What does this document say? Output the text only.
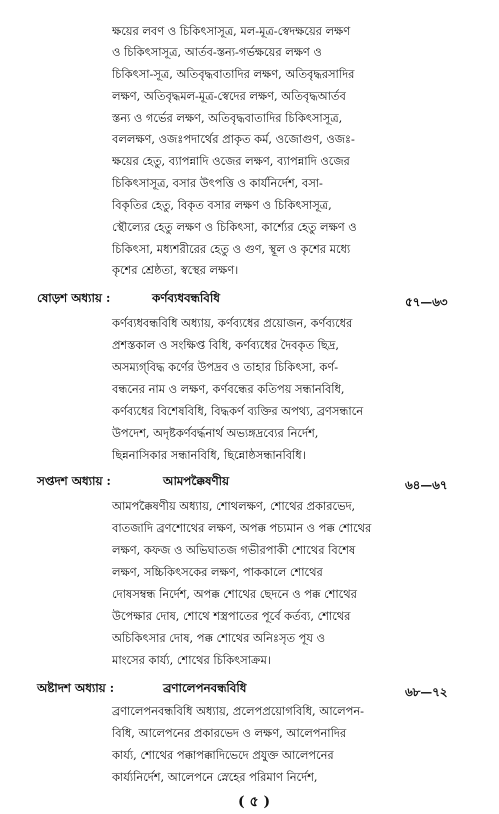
ক্ষয়ের লবণ ও চিকিৎসাসূত্র, মল-মূত্র-স্বেদক্ষয়ের লক্ষণ
ও চিকিৎসাসূত্র, আর্তব-স্তন্য-গর্ভক্ষয়ের লক্ষণ ও
চিকিৎসা-সূত্র, অতিবৃদ্ধবাতাদির লক্ষণ, অতিবৃদ্ধরসাদির
লক্ষণ, অতিবৃদ্ধমল-মূত্র-স্বেদের লক্ষণ, অতিবৃদ্ধআর্তব
স্তন্য ও গর্ভের লক্ষণ, অতিবৃদ্ধবাতাদির চিকিৎসাসূত্র,
বললক্ষণ, ওজঃপদার্থের প্রাকৃত কর্ম, ওজোগুণ, ওজঃ-
ক্ষয়ের হেতু, ব্যাপন্নাদি ওজের লক্ষণ, ব্যাপন্নাদি ওজের
চিকিৎসাসূত্র, বসার উৎপত্তি ও কার্যনির্দেশ, বসা-
বিকৃতির হেতু, বিকৃত বসার লক্ষণ ও চিকিৎসাসূত্র,
স্থৌল্যের হেতু লক্ষণ ও চিকিৎসা, কার্শ্যের হেতু লক্ষণ ও
চিকিৎসা, মধ্যশরীরের হেতু ও গুণ, স্থূল ও কৃশের মধ্যে
কৃশের শ্রেষ্ঠতা, স্বস্থের লক্ষণ।
ষোড়শ অধ্যায় :	কর্ণব্যধবন্ধবিধি	৫৭—৬৩
কর্ণব্যধবন্ধবিধি অধ্যায়, কর্ণব্যধের প্রয়োজন, কর্ণব্যধের
প্রশস্তকাল ও সংক্ষিপ্ত বিধি, কর্ণব্যধের দৈবকৃত ছিদ্র,
অসম্যগ্‌বিদ্ধ কর্ণের উপদ্রব ও তাহার চিকিৎসা, কর্ণ-
বন্ধনের নাম ও লক্ষণ, কর্ণবন্ধের কতিপয় সন্ধানবিধি,
কর্ণব্যধের বিশেষবিধি, বিদ্ধকর্ণ ব্যক্তির অপথ্য, ব্রণসন্ধানে
উপদেশ, অদৃষ্টকর্ণবর্দ্ধনার্থ অভ্যঙ্গদ্রব্যের নির্দেশ,
ছিন্ননাসিকার সন্ধানবিধি, ছিন্নোষ্ঠসন্ধানবিধি।
সপ্তদশ অধ্যায় :	আমপক্কৈষণীয়	৬৪—৬৭
আমপক্কৈষণীয় অধ্যায়, শোথলক্ষণ, শোথের প্রকারভেদ,
বাতজাদি ব্রণশোথের লক্ষণ, অপক্ক পচ্যমান ও পক্ক শোথের
লক্ষণ, কফজ ও অভিঘাতজ গভীরপাকী শোথের বিশেষ
লক্ষণ, সচ্চিকিৎসকের লক্ষণ, পাককালে শোথের
দোষসম্বন্ধ নির্দেশ, অপক্ক শোথের ছেদনে ও পক্ক শোথের
উপেক্ষার দোষ, শোথে শস্ত্রপাতের পূর্বে কর্তব্য, শোথের
অচিকিৎসার দোষ, পক্ক শোথের অনিঃসৃত পূয ও
মাংসের কার্য্য, শোথের চিকিৎসাক্রম।
অষ্টাদশ অধ্যায় :	ব্রণালেপনবন্ধবিধি	৬৮—৭২
ব্রণালেপনবন্ধবিধি অধ্যায়, প্রলেপপ্রয়োগবিধি, আলেপন-
বিধি, আলেপনের প্রকারভেদ ও লক্ষণ, আলেপনাদির
কার্য্য, শোথের পক্কাপক্কাদিভেদে প্রযুক্ত আলেপনের
কার্য্যনির্দেশ, আলেপনে স্নেহের পরিমাণ নির্দেশ,
( ৫ )
